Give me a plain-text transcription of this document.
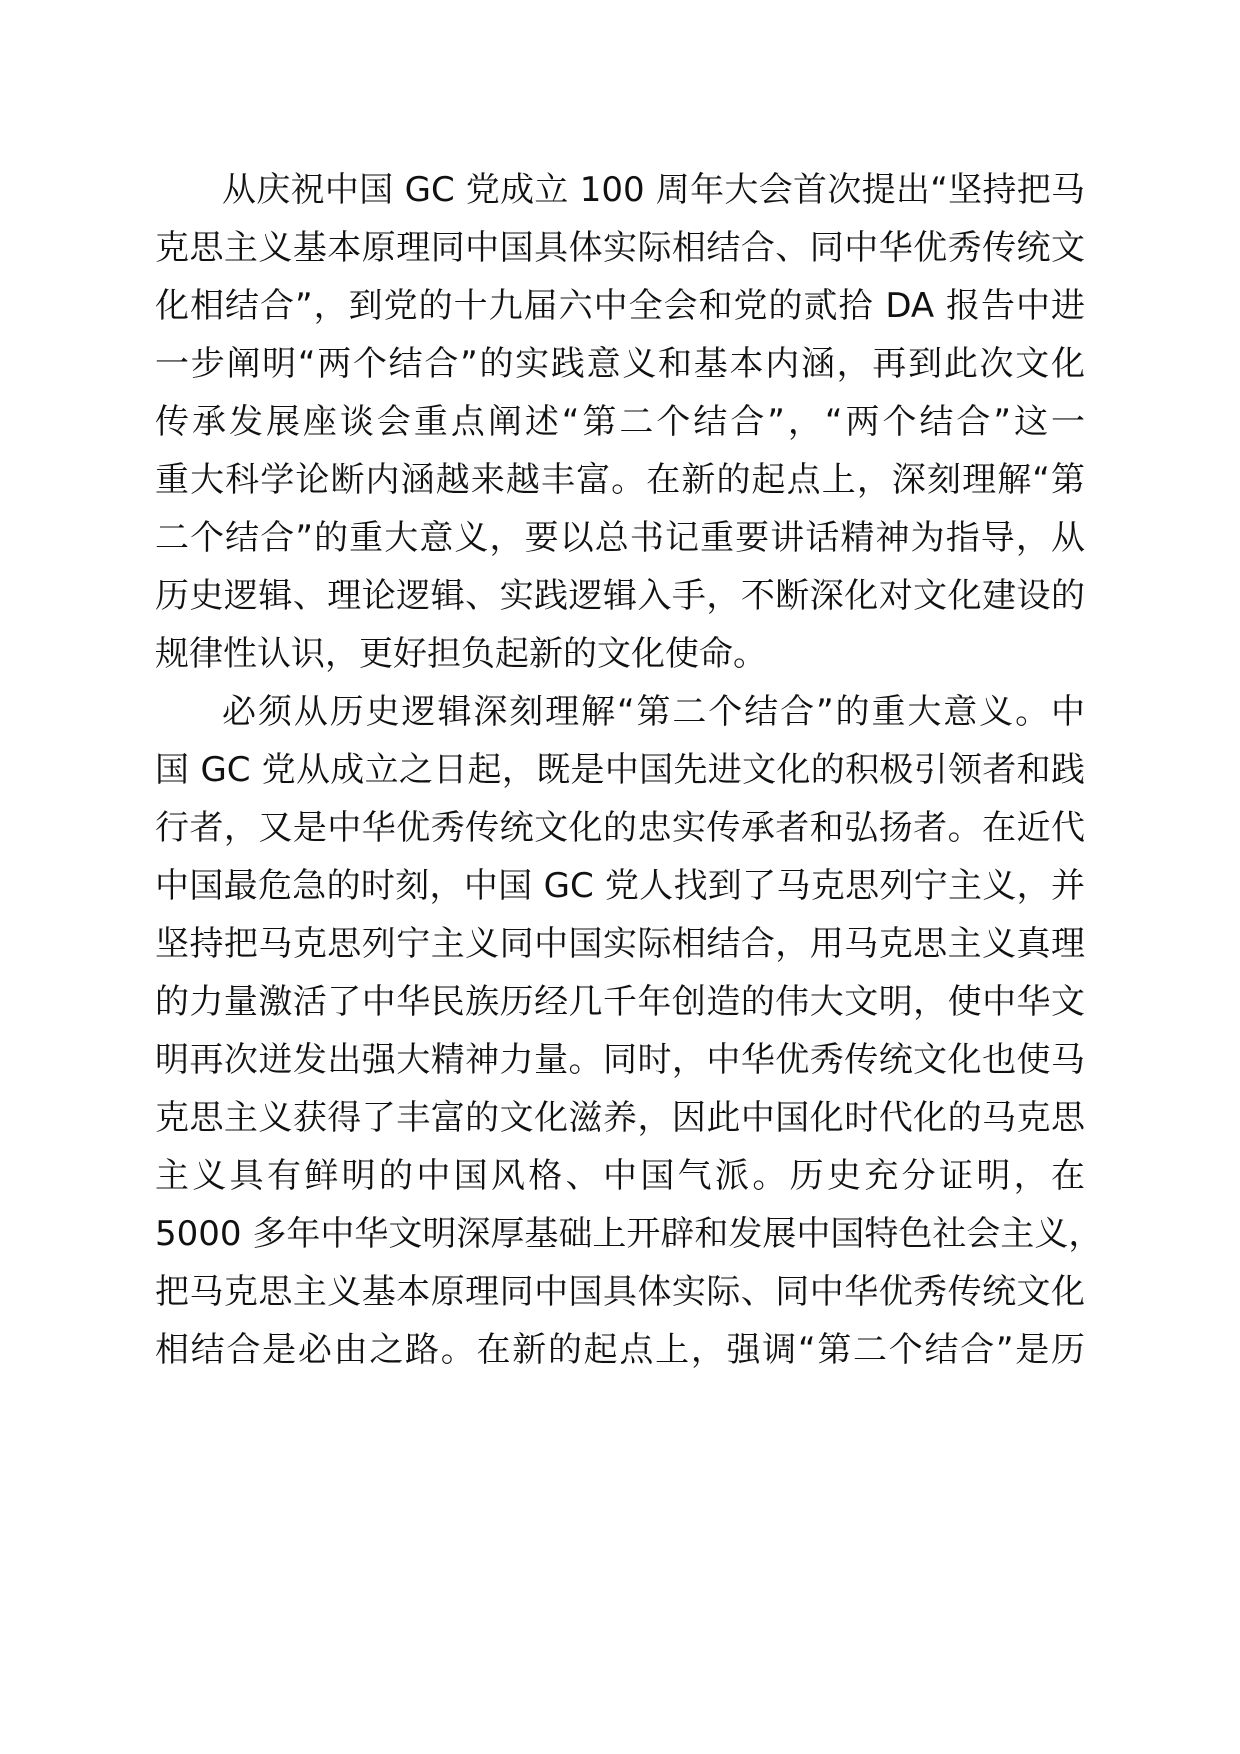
从庆祝中国 GC 党成立 100 周年大会首次提出“坚持把马
克思主义基本原理同中国具体实际相结合、同中华优秀传统文
化相结合”，到党的十九届六中全会和党的贰拾 DA 报告中进
一步阐明“两个结合”的实践意义和基本内涵，再到此次文化
传承发展座谈会重点阐述“第二个结合”，“两个结合”这一
重大科学论断内涵越来越丰富。在新的起点上，深刻理解“第
二个结合”的重大意义，要以总书记重要讲话精神为指导，从
历史逻辑、理论逻辑、实践逻辑入手，不断深化对文化建设的
规律性认识，更好担负起新的文化使命。
必须从历史逻辑深刻理解“第二个结合”的重大意义。中
国 GC 党从成立之日起，既是中国先进文化的积极引领者和践
行者，又是中华优秀传统文化的忠实传承者和弘扬者。在近代
中国最危急的时刻，中国 GC 党人找到了马克思列宁主义，并
坚持把马克思列宁主义同中国实际相结合，用马克思主义真理
的力量激活了中华民族历经几千年创造的伟大文明，使中华文
明再次迸发出强大精神力量。同时，中华优秀传统文化也使马
克思主义获得了丰富的文化滋养，因此中国化时代化的马克思
主义具有鲜明的中国风格、中国气派。历史充分证明，在
5000 多年中华文明深厚基础上开辟和发展中国特色社会主义，
把马克思主义基本原理同中国具体实际、同中华优秀传统文化
相结合是必由之路。在新的起点上，强调“第二个结合”是历
